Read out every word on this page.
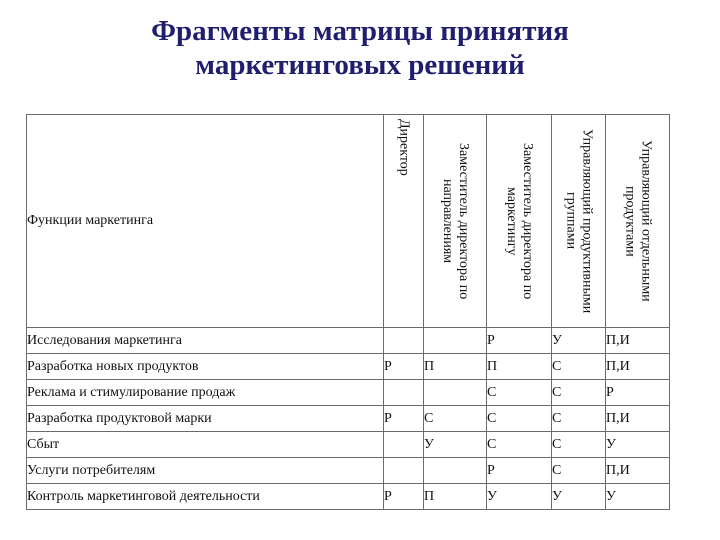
Фрагменты матрицы принятия
маркетинговых решений
Функции маркетинга	Директор	Заместитель директора по направлениям	Заместитель директора по маркетингу	Управляющий продуктивными группами	Управляющий отдельными продуктами

Исследования маркетинга			Р	У	П,И
Разработка новых продуктов	Р	П	П	С	П,И
Реклама и стимулирование продаж			С	С	Р
Разработка продуктовой марки	Р	С	С	С	П,И
Сбыт		У	С	С	У
Услуги потребителям			Р	С	П,И
Контроль маркетинговой деятельности	Р	П	У	У	У
